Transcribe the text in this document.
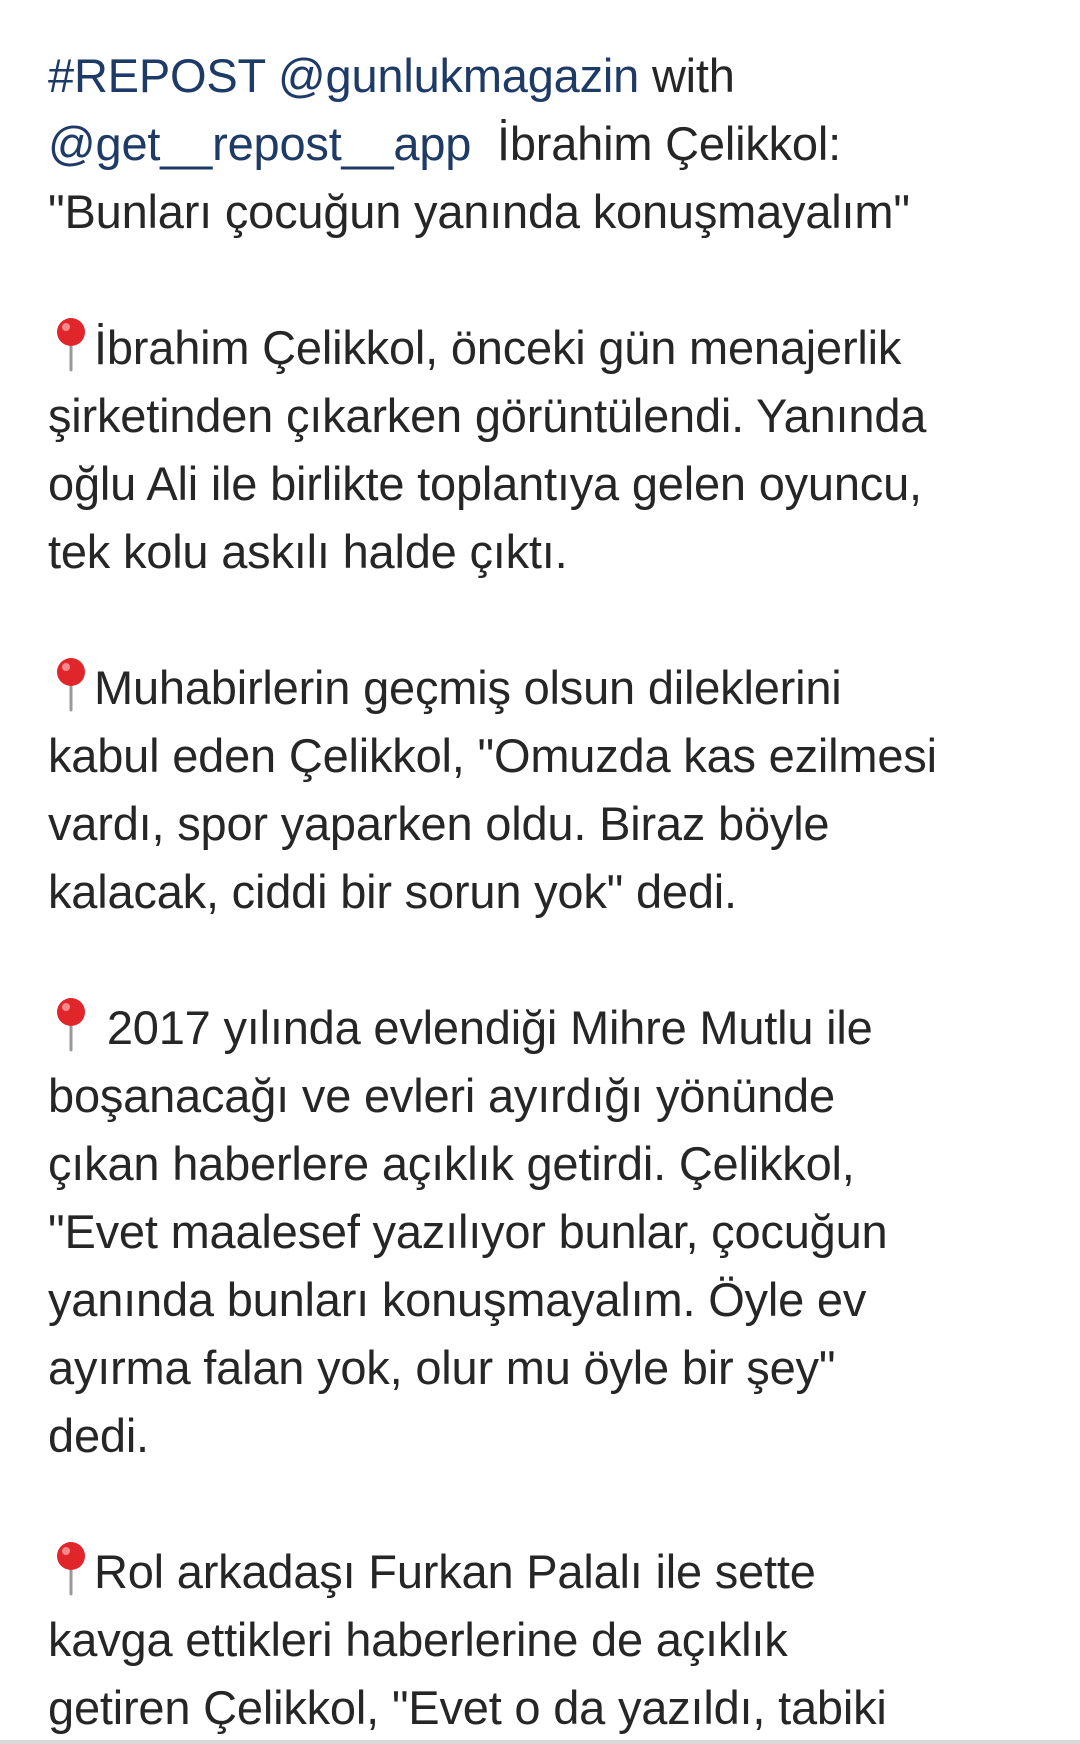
#REPOST @gunlukmagazin with

@get__repost__app İbrahim Çelikkol:

"Bunları çocuğun yanında konuşmayalım"

İbrahim Çelikkol, önceki gün menajerlik

şirketinden çıkarken görüntülendi. Yanında

oğlu Ali ile birlikte toplantıya gelen oyuncu,

tek kolu askılı halde çıktı.

Muhabirlerin geçmiş olsun dileklerini

kabul eden Çelikkol, "Omuzda kas ezilmesi

vardı, spor yaparken oldu. Biraz böyle

kalacak, ciddi bir sorun yok" dedi.

2017 yılında evlendiği Mihre Mutlu ile

boşanacağı ve evleri ayırdığı yönünde

çıkan haberlere açıklık getirdi. Çelikkol,

"Evet maalesef yazılıyor bunlar, çocuğun

yanında bunları konuşmayalım. Öyle ev

ayırma falan yok, olur mu öyle bir şey"

dedi.

Rol arkadaşı Furkan Palalı ile sette

kavga ettikleri haberlerine de açıklık

getiren Çelikkol, "Evet o da yazıldı, tabiki
